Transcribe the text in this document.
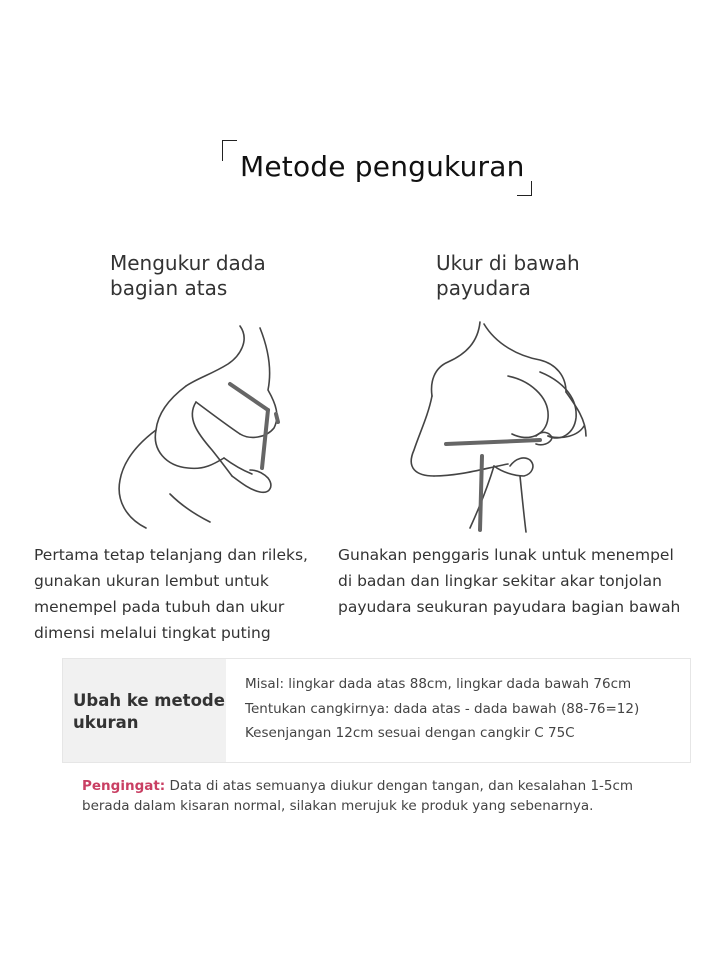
Metode pengukuran
Mengukur dada
bagian atas
Ukur di bawah
payudara
Pertama tetap telanjang dan rileks,
gunakan ukuran lembut untuk
menempel pada tubuh dan ukur
dimensi melalui tingkat puting
Gunakan penggaris lunak untuk menempel
di badan dan lingkar sekitar akar tonjolan
payudara seukuran payudara bagian bawah
Ubah ke metode
ukuran
Misal: lingkar dada atas 88cm, lingkar dada bawah 76cm
Tentukan cangkirnya: dada atas - dada bawah (88-76=12)
Kesenjangan 12cm sesuai dengan cangkir C 75C
Pengingat: Data di atas semuanya diukur dengan tangan, dan kesalahan 1-5cm
berada dalam kisaran normal, silakan merujuk ke produk yang sebenarnya.
